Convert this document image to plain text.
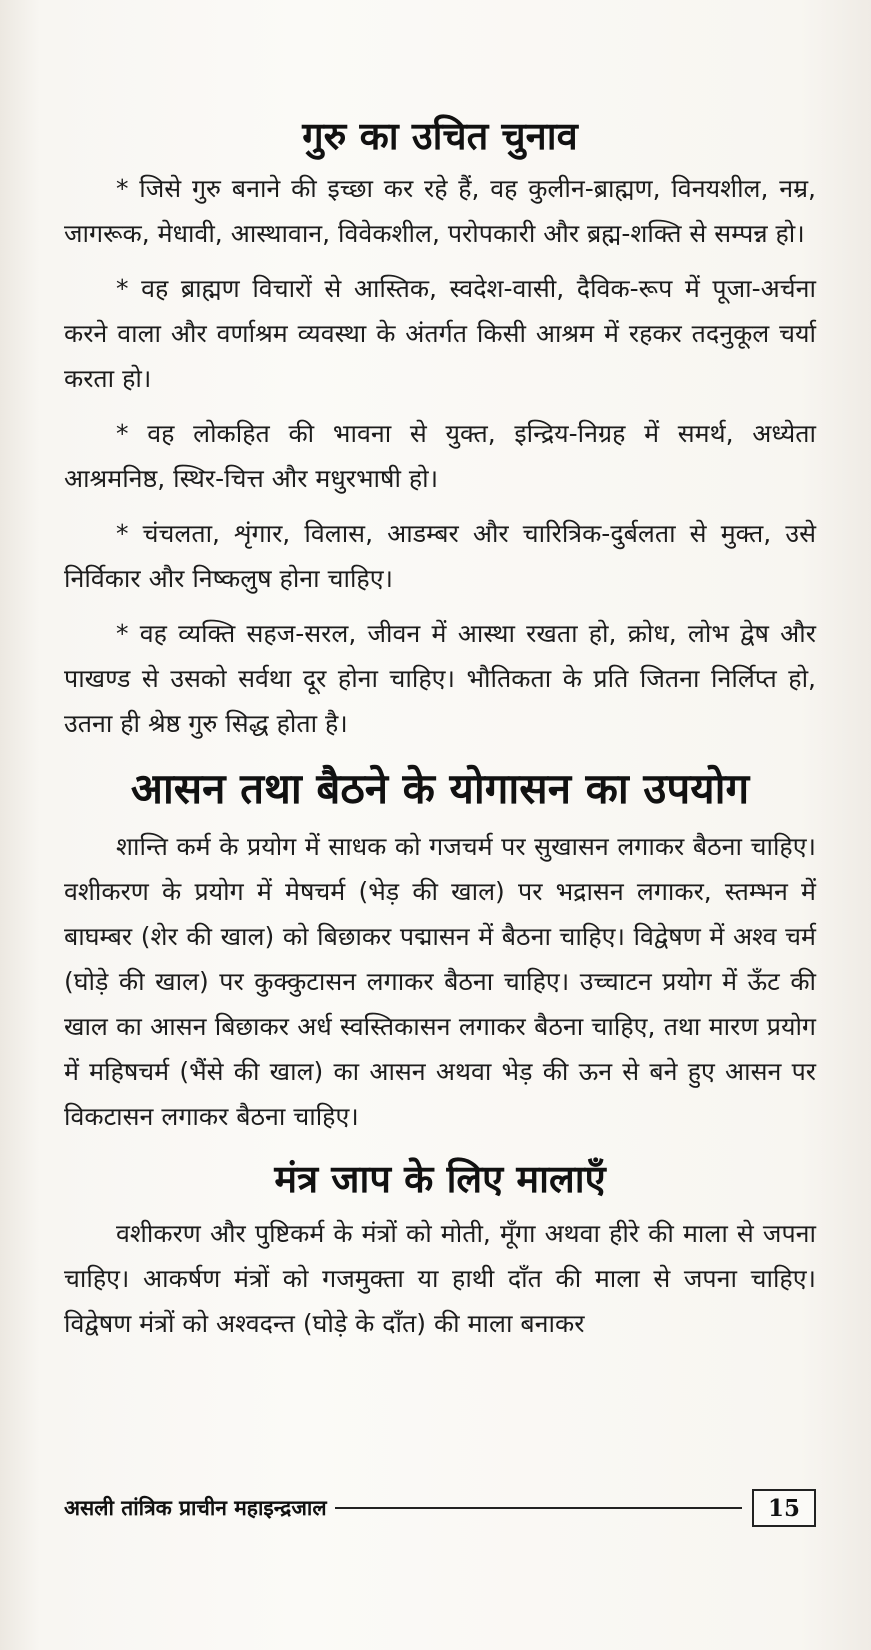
गुरु का उचित चुनाव

* जिसे गुरु बनाने की इच्छा कर रहे हैं, वह कुलीन-ब्राह्मण, विनयशील, नम्र, जागरूक, मेधावी, आस्थावान, विवेकशील, परोपकारी और ब्रह्म-शक्ति से सम्पन्न हो।

* वह ब्राह्मण विचारों से आस्तिक, स्वदेश-वासी, दैविक-रूप में पूजा-अर्चना करने वाला और वर्णाश्रम व्यवस्था के अंतर्गत किसी आश्रम में रहकर तदनुकूल चर्या करता हो।

* वह लोकहित की भावना से युक्त, इन्द्रिय-निग्रह में समर्थ, अध्येता आश्रमनिष्ठ, स्थिर-चित्त और मधुरभाषी हो।

* चंचलता, शृंगार, विलास, आडम्बर और चारित्रिक-दुर्बलता से मुक्त, उसे निर्विकार और निष्कलुष होना चाहिए।

* वह व्यक्ति सहज-सरल, जीवन में आस्था रखता हो, क्रोध, लोभ द्वेष और पाखण्ड से उसको सर्वथा दूर होना चाहिए। भौतिकता के प्रति जितना निर्लिप्त हो, उतना ही श्रेष्ठ गुरु सिद्ध होता है।

आसन तथा बैठने के योगासन का उपयोग

शान्ति कर्म के प्रयोग में साधक को गजचर्म पर सुखासन लगाकर बैठना चाहिए। वशीकरण के प्रयोग में मेषचर्म (भेड़ की खाल) पर भद्रासन लगाकर, स्तम्भन में बाघम्बर (शेर की खाल) को बिछाकर पद्मासन में बैठना चाहिए। विद्वेषण में अश्व चर्म (घोड़े की खाल) पर कुक्कुटासन लगाकर बैठना चाहिए। उच्चाटन प्रयोग में ऊँट की खाल का आसन बिछाकर अर्ध स्वस्तिकासन लगाकर बैठना चाहिए, तथा मारण प्रयोग में महिषचर्म (भैंसे की खाल) का आसन अथवा भेड़ की ऊन से बने हुए आसन पर विकटासन लगाकर बैठना चाहिए।

मंत्र जाप के लिए मालाएँ

वशीकरण और पुष्टिकर्म के मंत्रों को मोती, मूँगा अथवा हीरे की माला से जपना चाहिए। आकर्षण मंत्रों को गजमुक्ता या हाथी दाँत की माला से जपना चाहिए। विद्वेषण मंत्रों को अश्वदन्त (घोड़े के दाँत) की माला बनाकर

असली तांत्रिक प्राचीन महाइन्द्रजाल	15
